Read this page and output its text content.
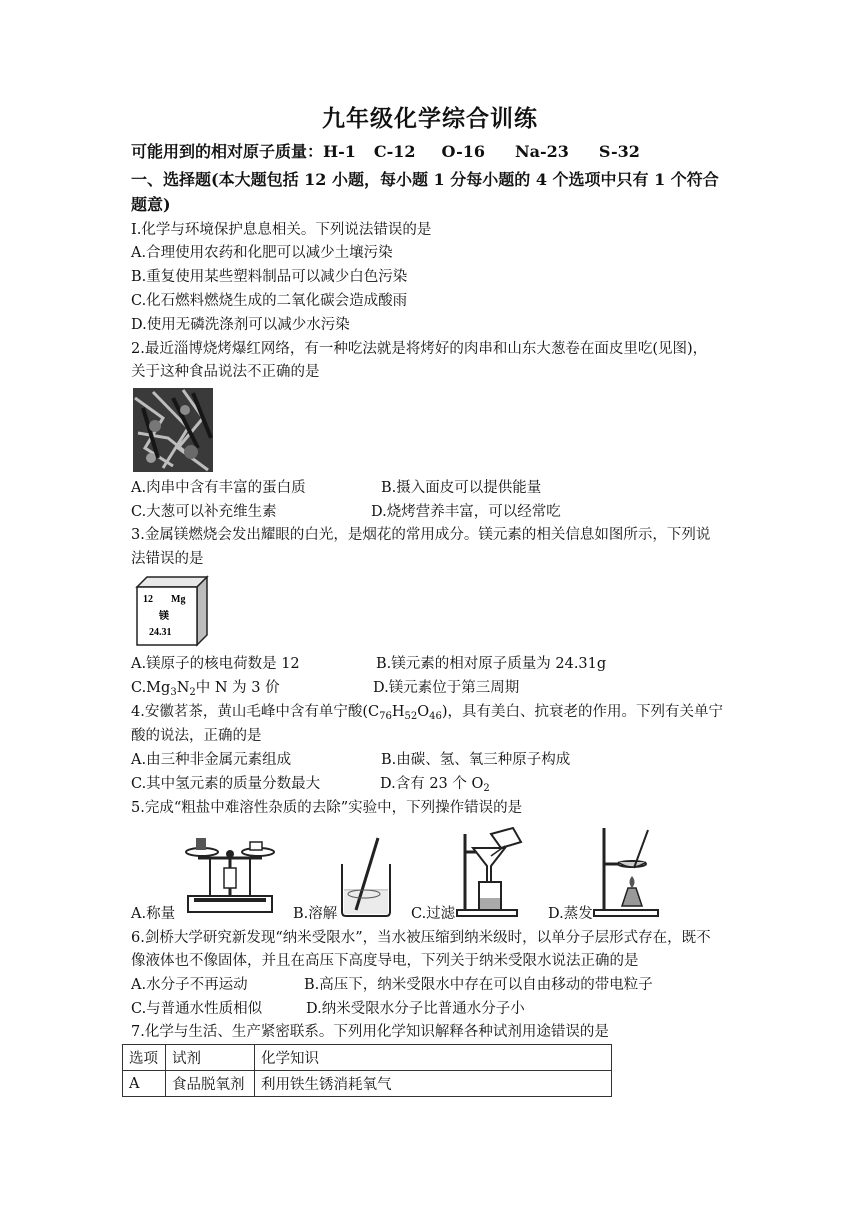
九年级化学综合训练
可能用到的相对原子质量：H-1 C-12 O-16 Na-23 S-32
一、选择题(本大题包括 12 小题，每小题 1 分每小题的 4 个选项中只有 1 个符合
题意)
I.化学与环境保护息息相关。下列说法错误的是
A.合理使用农药和化肥可以减少土壤污染
B.重复使用某些塑料制品可以减少白色污染
C.化石燃料燃烧生成的二氧化碳会造成酸雨
D.使用无磷洗涤剂可以减少水污染
2.最近淄博烧烤爆红网络，有一种吃法就是将烤好的肉串和山东大葱卷在面皮里吃(见图)，
关于这种食品说法不正确的是
A.肉串中含有丰富的蛋白质	B.摄入面皮可以提供能量
C.大葱可以补充维生素	D.烧烤营养丰富，可以经常吃
3.金属镁燃烧会发出耀眼的白光，是烟花的常用成分。镁元素的相关信息如图所示，下列说
法错误的是
12 Mg
镁
24.31
A.镁原子的核电荷数是 12	B.镁元素的相对原子质量为 24.31g
$C.Mg_3N_2$中 N 为 3 价	D.镁元素位于第三周期
4.安徽茗茶，黄山毛峰中含有单宁酸$(C_{76}H_{52}O_{46})$，具有美白、抗衰老的作用。下列有关单宁
酸的说法，正确的是
A.由三种非金属元素组成	B.由碳、氢、氧三种原子构成
C.其中氢元素的质量分数最大	D.含有 23 个 $O_2$
5.完成“粗盐中难溶性杂质的去除”实验中，下列操作错误的是
A.称量	B.溶解	C.过滤	D.蒸发
6.剑桥大学研究新发现“纳米受限水”，当水被压缩到纳米级时，以单分子层形式存在，既不
像液体也不像固体，并且在高压下高度导电，下列关于纳米受限水说法正确的是
A.水分子不再运动	B.高压下，纳米受限水中存在可以自由移动的带电粒子
C.与普通水性质相似	D.纳米受限水分子比普通水分子小
7.化学与生活、生产紧密联系。下列用化学知识解释各种试剂用途错误的是
选项	试剂	化学知识
A	食品脱氧剂	利用铁生锈消耗氧气
